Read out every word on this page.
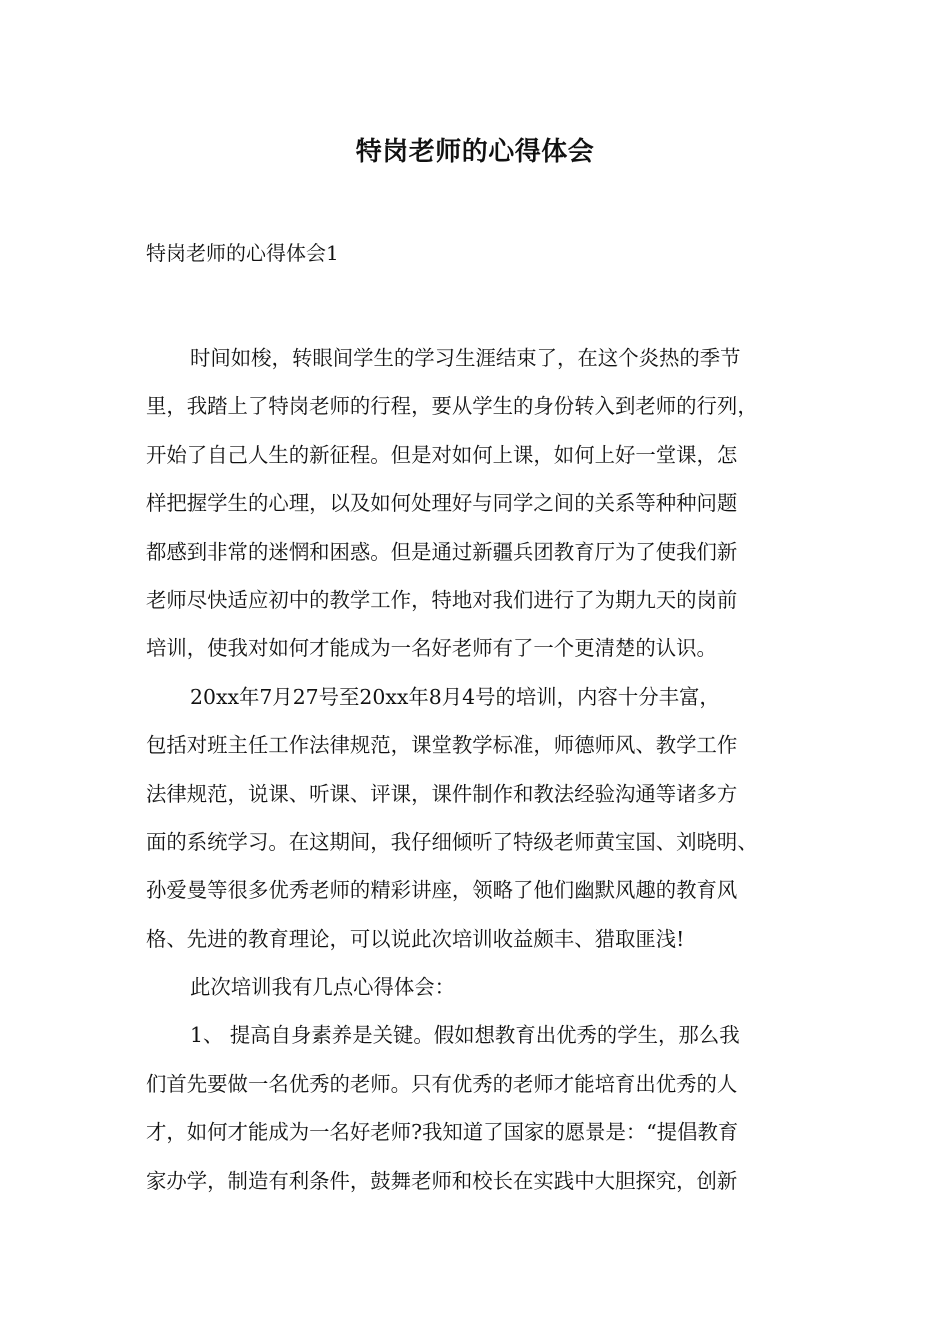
特岗老师的心得体会
特岗老师的心得体会1
时间如梭，转眼间学生的学习生涯结束了，在这个炎热的季节
里，我踏上了特岗老师的行程，要从学生的身份转入到老师的行列，
开始了自己人生的新征程。但是对如何上课，如何上好一堂课，怎
样把握学生的心理，以及如何处理好与同学之间的关系等种种问题
都感到非常的迷惘和困惑。但是通过新疆兵团教育厅为了使我们新
老师尽快适应初中的教学工作，特地对我们进行了为期九天的岗前
培训，使我对如何才能成为一名好老师有了一个更清楚的认识。
20xx年7月27号至20xx年8月4号的培训，内容十分丰富，
包括对班主任工作法律规范，课堂教学标准，师德师风、教学工作
法律规范，说课、听课、评课，课件制作和教法经验沟通等诸多方
面的系统学习。在这期间，我仔细倾听了特级老师黄宝国、刘晓明、
孙爱曼等很多优秀老师的精彩讲座，领略了他们幽默风趣的教育风
格、先进的教育理论，可以说此次培训收益颇丰、猎取匪浅!
此次培训我有几点心得体会：
1、 提高自身素养是关键。假如想教育出优秀的学生，那么我
们首先要做一名优秀的老师。只有优秀的老师才能培育出优秀的人
才，如何才能成为一名好老师?我知道了国家的愿景是：“提倡教育
家办学，制造有利条件，鼓舞老师和校长在实践中大胆探究，创新
